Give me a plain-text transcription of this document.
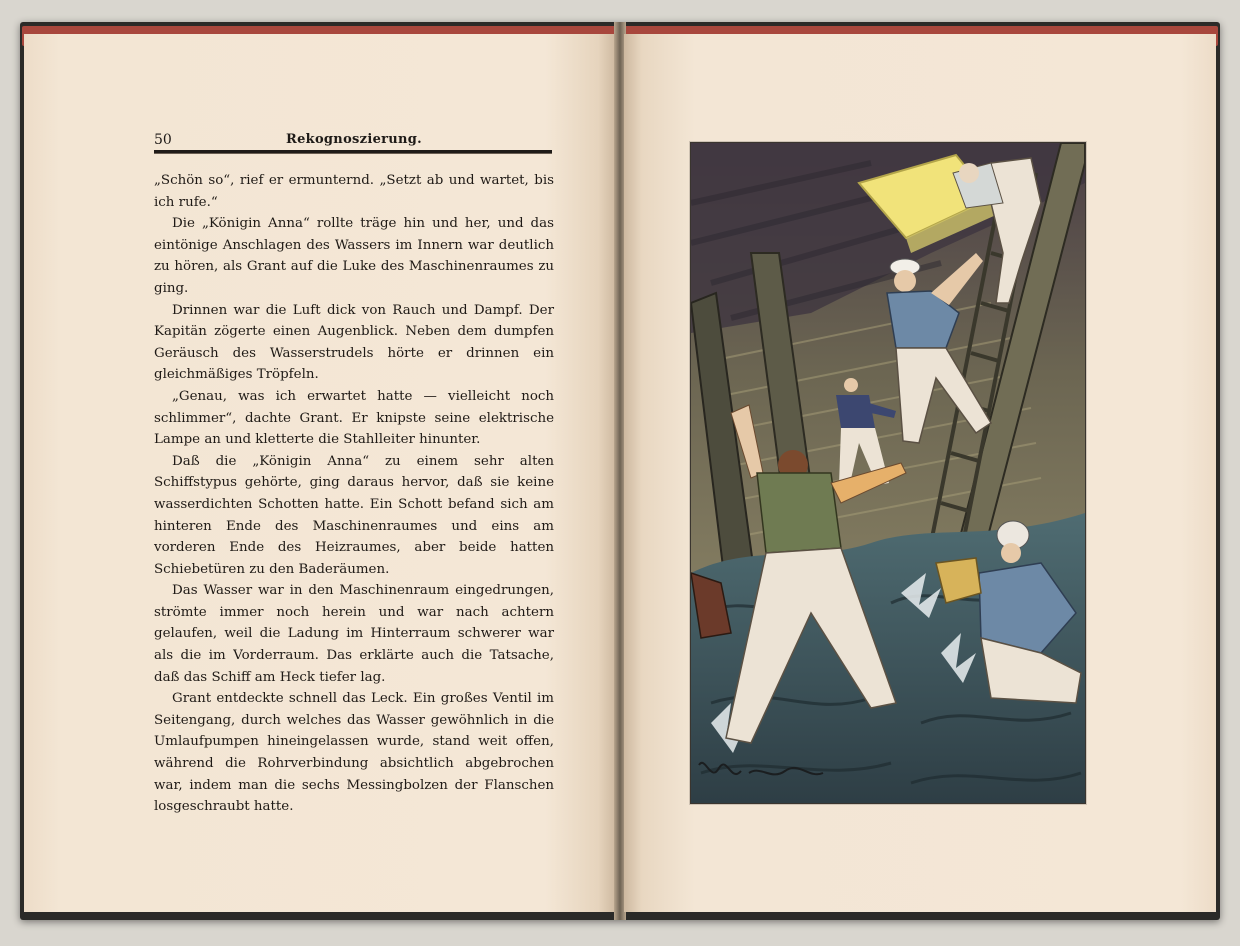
50	Rekognoszierung.

„Schön so“, rief er ermunternd. „Setzt ab und wartet, bis ich rufe.“

Die „Königin Anna“ rollte träge hin und her, und das eintönige Anschlagen des Wassers im Innern war deutlich zu hören, als Grant auf die Luke des Maschinenraumes zu ging.

Drinnen war die Luft dick von Rauch und Dampf. Der Kapitän zögerte einen Augenblick. Neben dem dumpfen Geräusch des Wasserstrudels hörte er drinnen ein gleichmäßiges Tröpfeln.

„Genau, was ich erwartet hatte — vielleicht noch schlimmer“, dachte Grant. Er knipste seine elektrische Lampe an und kletterte die Stahlleiter hinunter.

Daß die „Königin Anna“ zu einem sehr alten Schiffstypus gehörte, ging daraus hervor, daß sie keine wasserdichten Schotten hatte. Ein Schott befand sich am hinteren Ende des Maschinenraumes und eins am vorderen Ende des Heizraumes, aber beide hatten Schiebetüren zu den Baderäumen.

Das Wasser war in den Maschinenraum eingedrungen, strömte immer noch herein und war nach achtern gelaufen, weil die Ladung im Hinterraum schwerer war als die im Vorderraum. Das erklärte auch die Tatsache, daß das Schiff am Heck tiefer lag.

Grant entdeckte schnell das Leck. Ein großes Ventil im Seitengang, durch welches das Wasser gewöhnlich in die Umlaufpumpen hineingelassen wurde, stand weit offen, während die Rohrverbindung absichtlich abgebrochen war, indem man die sechs Messingbolzen der Flanschen losgeschraubt hatte.
